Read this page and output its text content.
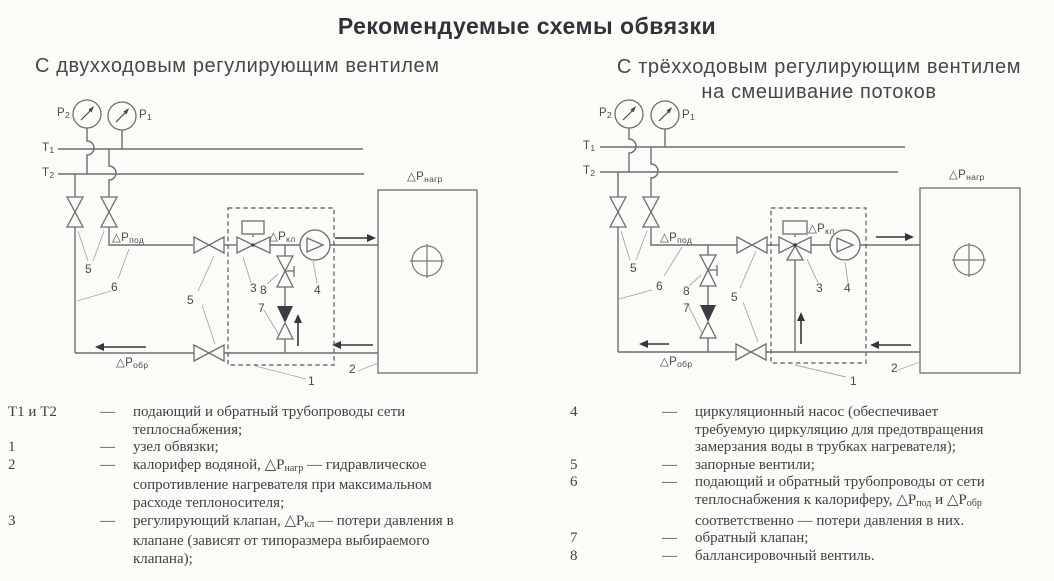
Рекомендуемые схемы обвязки
С двухходовым регулирующим вентилем	С трёхходовым регулирующим вентилем
на смешивание потоков
$Р_2$	$Р_1$
$Т_1$
$Т_2$
$\triangle Р_{под}$	$\triangle Р_{кл}$
$\triangle Р_{нагр}$
$\triangle Р_{обр}$
5
6
5
3 8
7
4
1
2
$Р_2$	$Р_1$
$Т_1$
$Т_2$
$\triangle Р_{под}$
$\triangle Р_{кл}$
$\triangle Р_{нагр}$
$\triangle Р_{обр}$
5
6 8
7
5
3 4
1
2
Т1 и Т2	—	подающий и обратный трубопроводы сети
теплоснабжения;
1	—	узел обвязки;
2	—	калорифер водяной, $\triangle Р_{нагр}$ — гидравлическое
сопротивление нагревателя при максимальном
расходе теплоносителя;
3	—	регулирующий клапан, $\triangle Р_{кл}$ — потери давления в
клапане (зависят от типоразмера выбираемого
клапана);
4	—	циркуляционный насос (обеспечивает
требуемую циркуляцию для предотвращения
замерзания воды в трубках нагревателя);
5	—	запорные вентили;
6	—	подающий и обратный трубопроводы от сети
теплоснабжения к калориферу, $\triangle Р_{под}$ и $\triangle Р_{обр}$
соответственно — потери давления в них.
7	—	обратный клапан;
8	—	баллансировочный вентиль.
